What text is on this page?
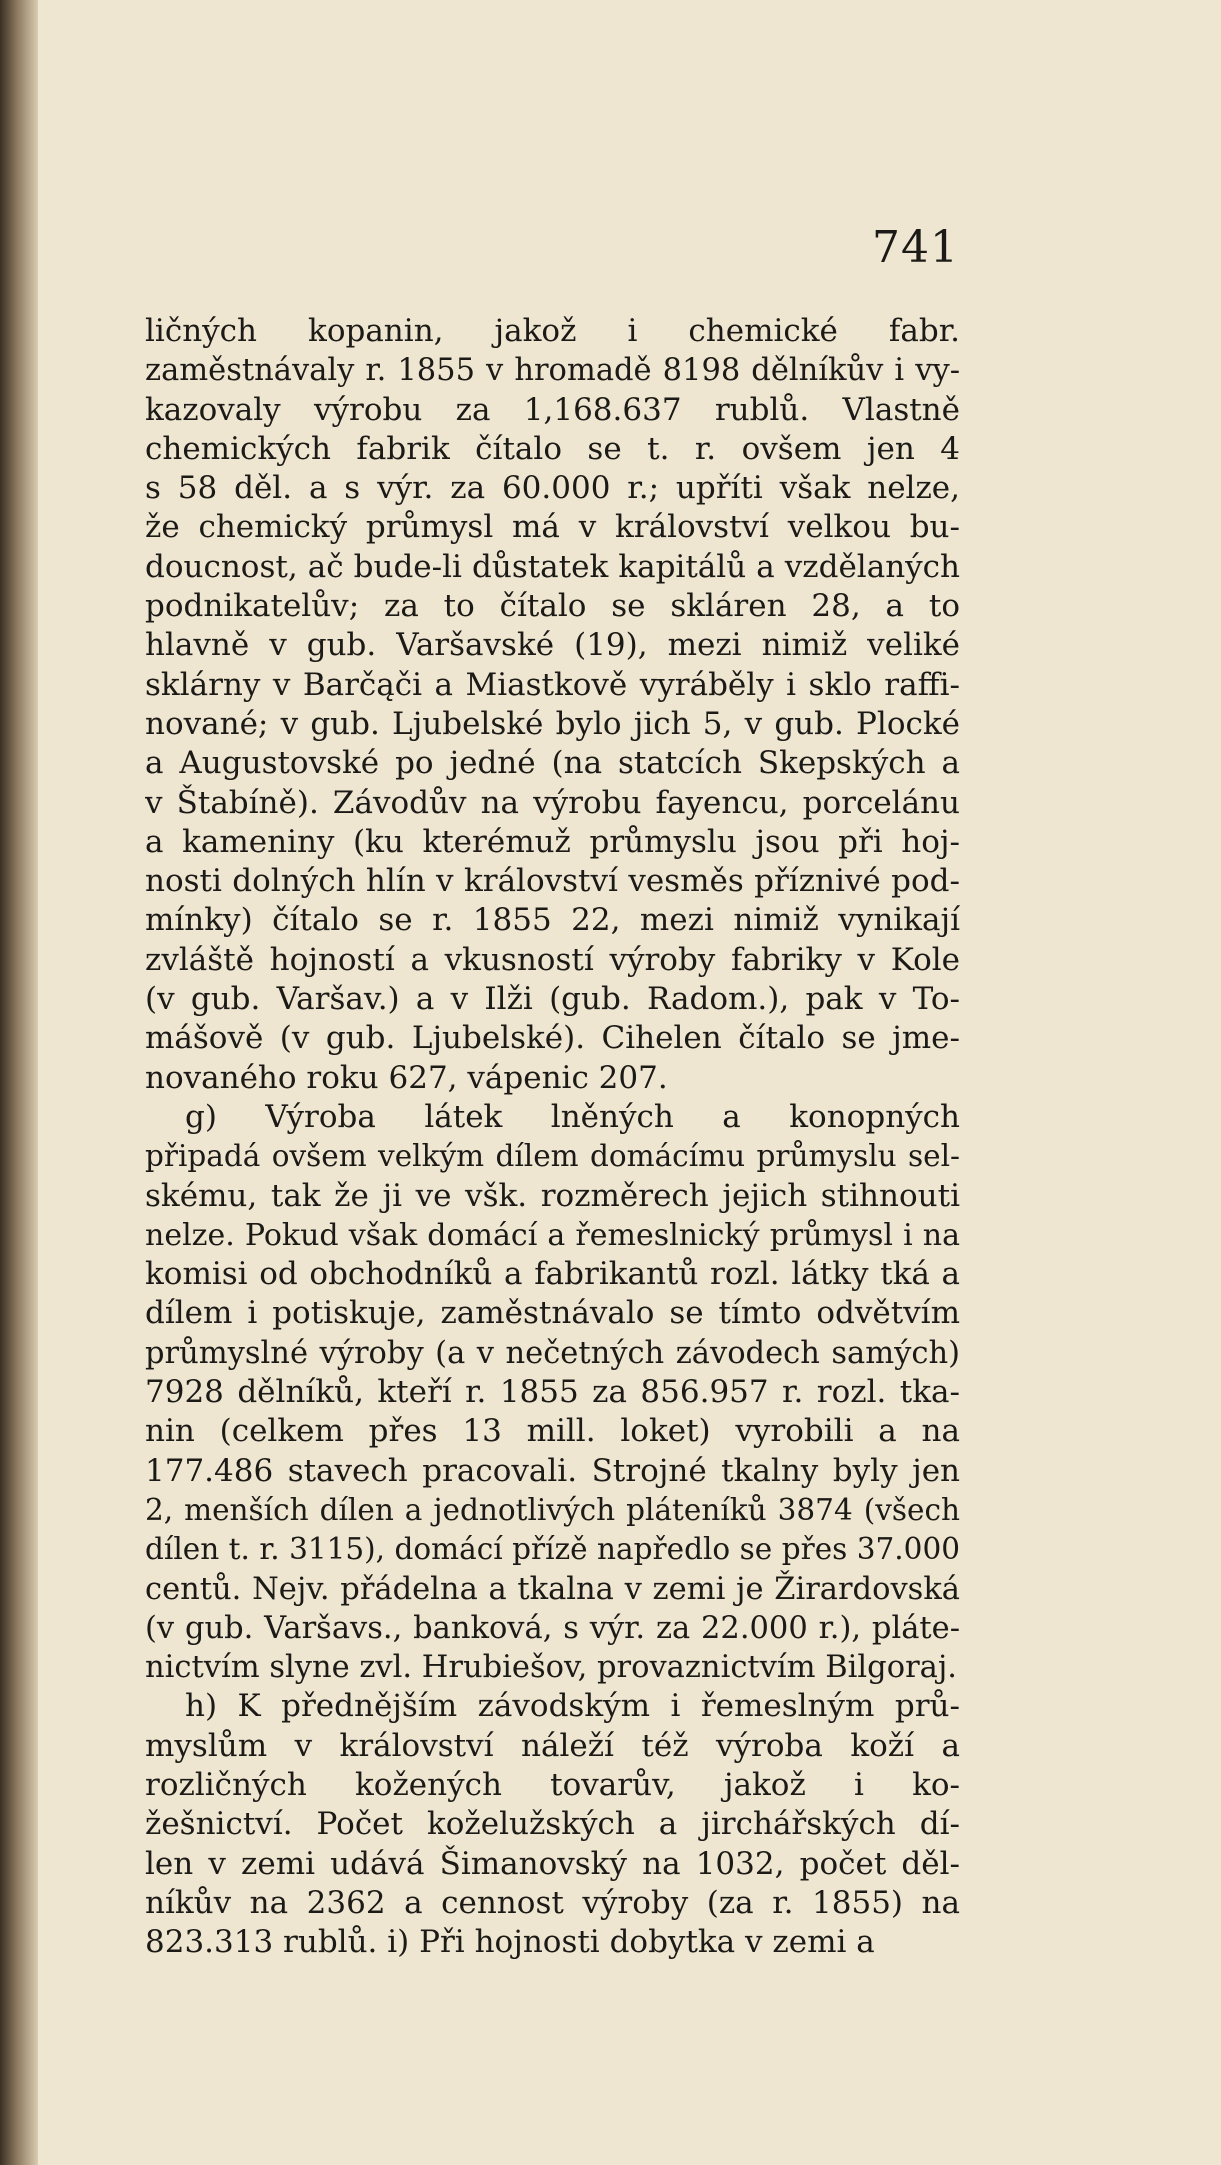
741
ličných kopanin, jakož i chemické fabr.
zaměstnávaly r. 1855 v hromadě 8198 dělníkův i vy-
kazovaly výrobu za 1,168.637 rublů. Vlastně
chemických fabrik čítalo se t. r. ovšem jen 4
s 58 děl. a s výr. za 60.000 r.; upříti však nelze,
že chemický průmysl má v království velkou bu-
doucnost, ač bude-li důstatek kapitálů a vzdělaných
podnikatelův; za to čítalo se skláren 28, a to
hlavně v gub. Varšavské (19), mezi nimiž veliké
sklárny v Barčąči a Miastkově vyráběly i sklo raffi-
nované; v gub. Ljubelské bylo jich 5, v gub. Plocké
a Augustovské po jedné (na statcích Skepských a
v Štabíně). Závodův na výrobu fayencu, porcelánu
a kameniny (ku kterémuž průmyslu jsou při hoj-
nosti dolných hlín v království vesměs příznivé pod-
mínky) čítalo se r. 1855 22, mezi nimiž vynikají
zvláště hojností a vkusností výroby fabriky v Kole
(v gub. Varšav.) a v Ilži (gub. Radom.), pak v To-
mášově (v gub. Ljubelské). Cihelen čítalo se jme-
novaného roku 627, vápenic 207.
g) Výroba látek lněných a konopných
připadá ovšem velkým dílem domácímu průmyslu sel-
skému, tak že ji ve všk. rozměrech jejich stihnouti
nelze. Pokud však domácí a řemeslnický průmysl i na
komisi od obchodníků a fabrikantů rozl. látky tká a
dílem i potiskuje, zaměstnávalo se tímto odvětvím
průmyslné výroby (a v nečetných závodech samých)
7928 dělníků, kteří r. 1855 za 856.957 r. rozl. tka-
nin (celkem přes 13 mill. loket) vyrobili a na
177.486 stavech pracovali. Strojné tkalny byly jen
2, menších dílen a jednotlivých pláteníků 3874 (všech
dílen t. r. 3115), domácí přízě napředlo se přes 37.000
centů. Nejv. přádelna a tkalna v zemi je Žirardovská
(v gub. Varšavs., banková, s výr. za 22.000 r.), pláte-
nictvím slyne zvl. Hrubiešov, provaznictvím Bilgoraj.
h) K přednějším závodským i řemeslným prů-
myslům v království náleží též výroba koží a
rozličných kožených tovarův, jakož i ko-
žešnictví. Počet koželužských a jirchářských dí-
len v zemi udává Šimanovský na 1032, počet děl-
níkův na 2362 a cennost výroby (za r. 1855) na
823.313 rublů. i) Při hojnosti dobytka v zemi a
